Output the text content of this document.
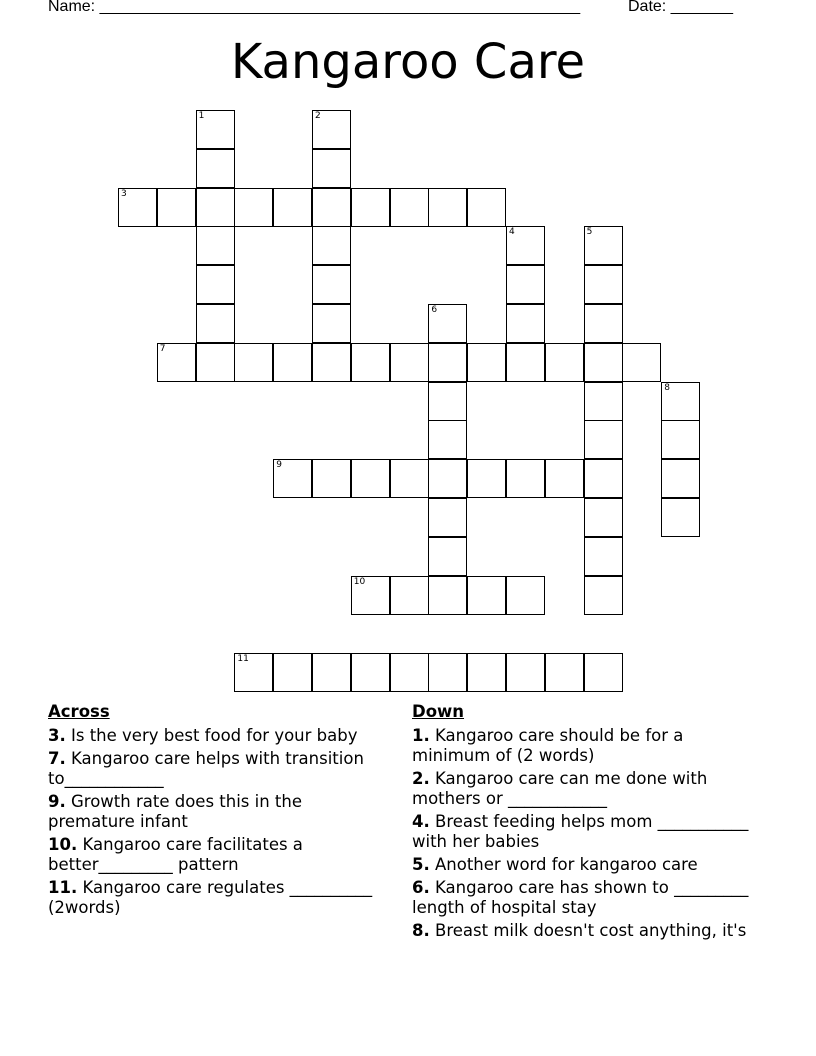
Name: ______________________________________________________	Date: _______
Kangaroo Care
3
7
9
10
11
1	2
4	5
6
8
Across
3. Is the very best food for your baby
7. Kangaroo care helps with transition to____________
9. Growth rate does this in the premature infant
10. Kangaroo care facilitates a better_________ pattern
11. Kangaroo care regulates __________ (2words)
Down
1. Kangaroo care should be for a minimum of (2 words)
2. Kangaroo care can me done with mothers or ____________
4. Breast feeding helps mom ___________ with her babies
5. Another word for kangaroo care
6. Kangaroo care has shown to _________ length of hospital stay
8. Breast milk doesn't cost anything, it's
